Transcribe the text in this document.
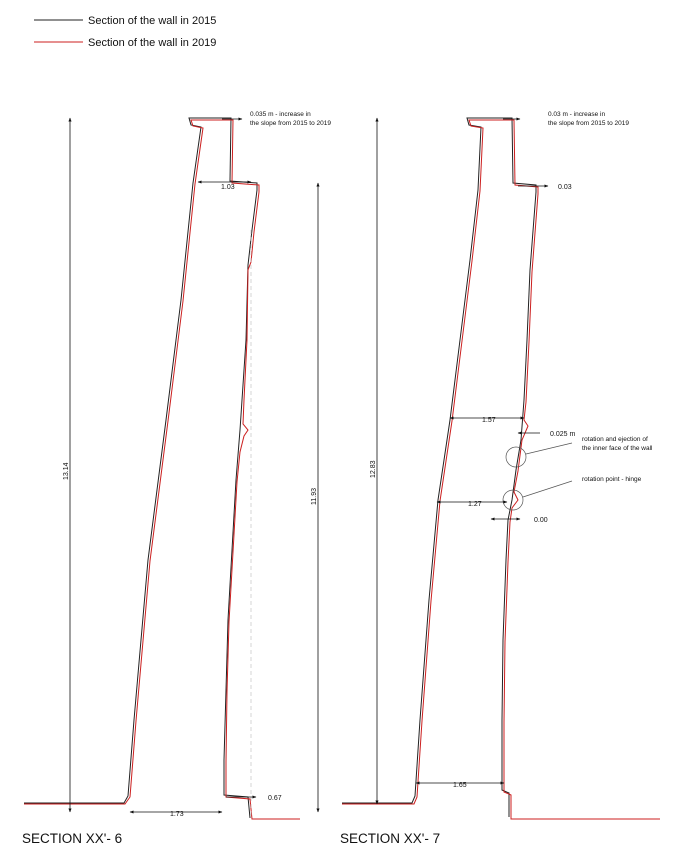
Section of the wall in 2015
Section of the wall in 2019
13.14
11.93
1.03
0.035 m - increase in
the slope from 2015 to 2019
1.73
0.67
SECTION XX'- 6
12.83
0.03 m - increase in
the slope from 2015 to 2019
0.03
1.57
0.025 m
rotation and ejection of
the inner face of the wall
rotation point - hinge
1.27
0.00
1.65
SECTION XX'- 7
